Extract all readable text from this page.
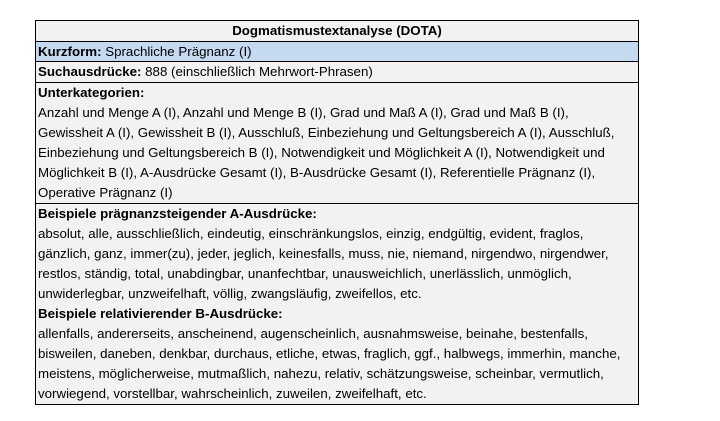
Dogmatismustextanalyse (DOTA)
Kurzform: Sprachliche Prägnanz (I)
Suchausdrücke: 888 (einschließlich Mehrwort-Phrasen)
Unterkategorien:

Anzahl und Menge A (I), Anzahl und Menge B (I), Grad und Maß A (I), Grad und Maß B (I), Gewissheit A (I), Gewissheit B (I), Ausschluß, Einbeziehung und Geltungsbereich A (I), Ausschluß, Einbeziehung und Geltungsbereich B (I), Notwendigkeit und Möglichkeit A (I), Notwendigkeit und Möglichkeit B (I), A-Ausdrücke Gesamt (I), B-Ausdrücke Gesamt (I), Referentielle Prägnanz (I), Operative Prägnanz (I)

Beispiele prägnanzsteigender A-Ausdrücke:

absolut, alle, ausschließlich, eindeutig, einschränkungslos, einzig, endgültig, evident, fraglos, gänzlich, ganz, immer(zu), jeder, jeglich, keinesfalls, muss, nie, niemand, nirgendwo, nirgendwer, restlos, ständig, total, unabdingbar, unanfechtbar, unausweichlich, unerlässlich, unmöglich, unwiderlegbar, unzweifelhaft, völlig, zwangsläufig, zweifellos, etc.

Beispiele relativierender B-Ausdrücke:

allenfalls, andererseits, anscheinend, augenscheinlich, ausnahmsweise, beinahe, bestenfalls, bisweilen, daneben, denkbar, durchaus, etliche, etwas, fraglich, ggf., halbwegs, immerhin, manche, meistens, möglicherweise, mutmaßlich, nahezu, relativ, schätzungsweise, scheinbar, vermutlich, vorwiegend, vorstellbar, wahrscheinlich, zuweilen, zweifelhaft, etc.
